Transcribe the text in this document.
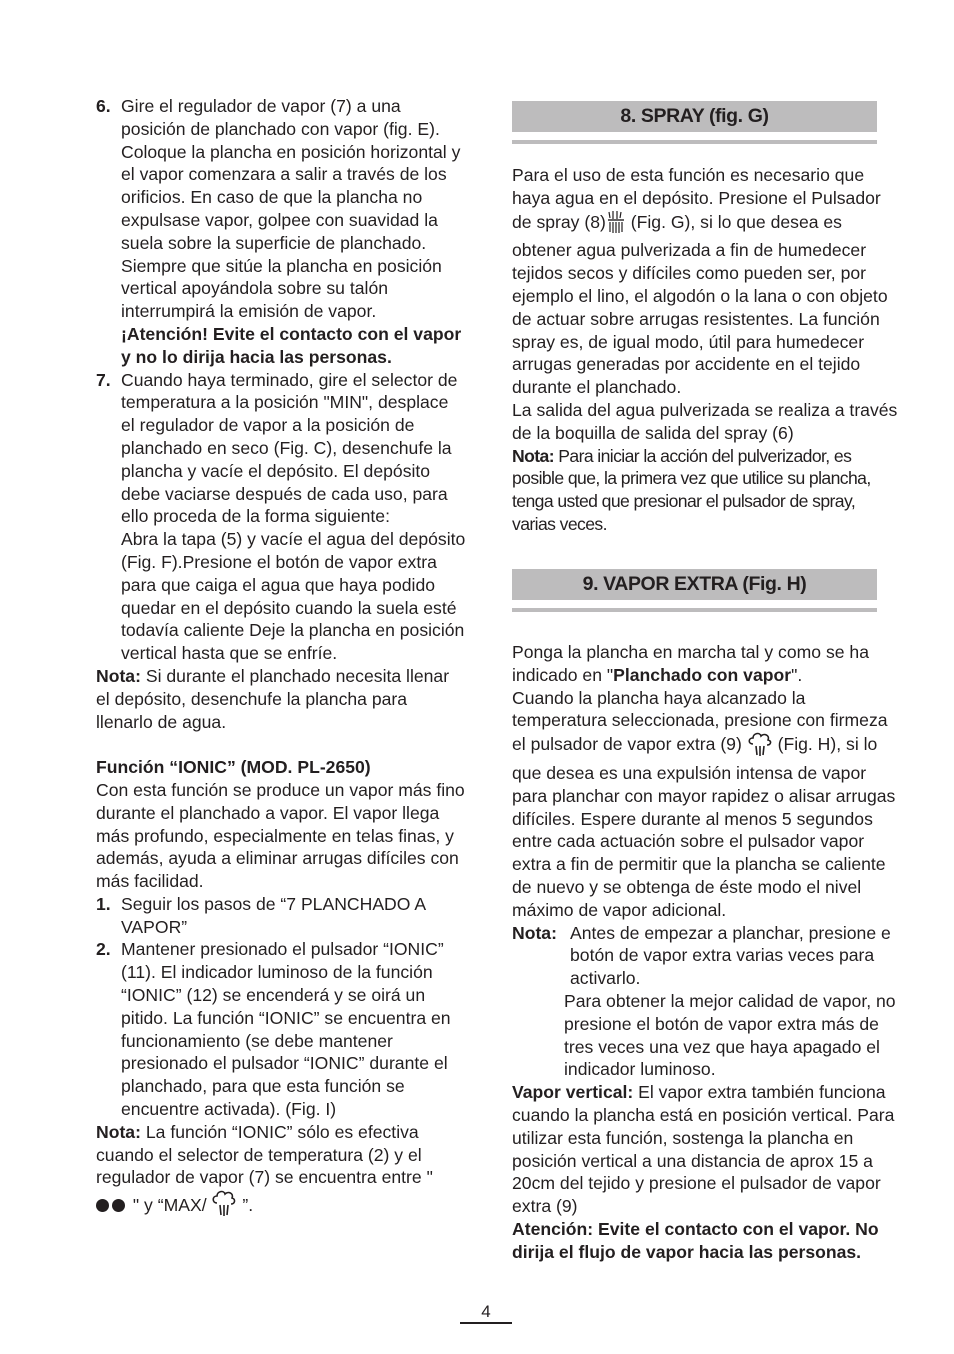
6. Gire el regulador de vapor (7) a una posición de planchado con vapor (fig. E). Coloque la plancha en posición horizontal y el vapor comenzara a salir a través de los orificios. En caso de que la plancha no expulsase vapor, golpee con suavidad la suela sobre la superficie de planchado. Siempre que sitúe la plancha en posición vertical apoyándola sobre su talón interrumpirá la emisión de vapor. ¡Atención! Evite el contacto con el vapor y no lo dirija hacia las personas.
7. Cuando haya terminado, gire el selector de temperatura a la posición "MIN", desplace el regulador de vapor a la posición de planchado en seco (Fig. C), desenchufe la plancha y vacíe el depósito. El depósito debe vaciarse después de cada uso, para ello proceda de la forma siguiente:
Abra la tapa (5) y vacíe el agua del depósito (Fig. F).Presione el botón de vapor extra para que caiga el agua que haya podido quedar en el depósito cuando la suela esté todavía caliente Deje la plancha en posición vertical hasta que se enfríe.
Nota: Si durante el planchado necesita llenar el depósito, desenchufe la plancha para llenarlo de agua.
Función “IONIC” (MOD. PL-2650)
Con esta función se produce un vapor más fino durante el planchado a vapor. El vapor llega más profundo, especialmente en telas finas, y además, ayuda a eliminar arrugas difíciles con más facilidad.
1. Seguir los pasos de “7 PLANCHADO A VAPOR”
2. Mantener presionado el pulsador “IONIC” (11). El indicador luminoso de la función “IONIC” (12) se encenderá y se oirá un pitido. La función “IONIC” se encuentra en funcionamiento (se debe mantener presionado el pulsador “IONIC” durante el planchado, para que esta función se encuentre activada). (Fig. I)
Nota: La función “IONIC” sólo es efectiva cuando el selector de temperatura (2) y el regulador de vapor (7) se encuentra entre "
" y “MAX/  ”.
8. SPRAY (fig. G)
Para el uso de esta función es necesario que haya agua en el depósito. Presione el Pulsador de spray (8) (Fig. G), si lo que desea es obtener agua pulverizada a fin de humedecer tejidos secos y difíciles como pueden ser, por ejemplo el lino, el algodón o la lana o con objeto de actuar sobre arrugas resistentes. La función spray es, de igual modo, útil para humedecer arrugas generadas por accidente en el tejido durante el planchado.
La salida del agua pulverizada se realiza a través de la boquilla de salida del spray (6)
Nota: Para iniciar la acción del pulverizador, es posible que, la primera vez que utilice su plancha, tenga usted que presionar el pulsador de spray, varias veces.
9. VAPOR EXTRA (Fig. H)
Ponga la plancha en marcha tal y como se ha indicado en "Planchado con vapor".
Cuando la plancha haya alcanzado la temperatura seleccionada, presione con firmeza el pulsador de vapor extra (9)  (Fig. H), si lo que desea es una expulsión intensa de vapor para planchar con mayor rapidez o alisar arrugas difíciles. Espere durante al menos 5 segundos entre cada actuación sobre el pulsador vapor extra a fin de permitir que la plancha se caliente de nuevo y se obtenga de éste modo el nivel máximo de vapor adicional.
Nota: Antes de empezar a planchar, presione e botón de vapor extra varias veces para activarlo.
Para obtener la mejor calidad de vapor, no presione el botón de vapor extra más de tres veces una vez que haya apagado el indicador luminoso.
Vapor vertical: El vapor extra también funciona cuando la plancha está en posición vertical. Para utilizar esta función, sostenga la plancha en posición vertical a una distancia de aprox 15 a 20cm del tejido y presione el pulsador de vapor extra (9)
Atención: Evite el contacto con el vapor. No dirija el flujo de vapor hacia las personas.
4
